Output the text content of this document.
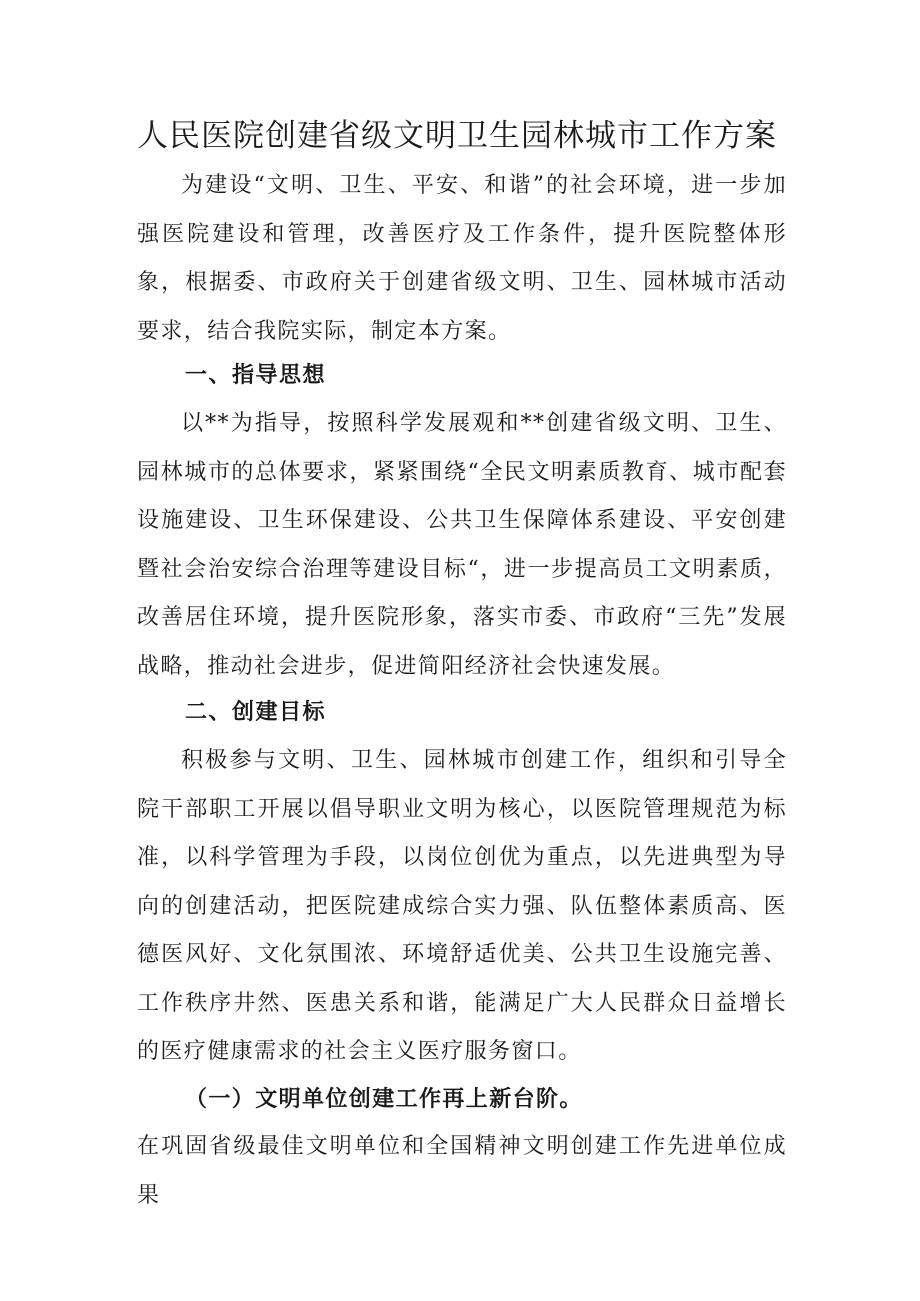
人民医院创建省级文明卫生园林城市工作方案

为建设“文明、卫生、平安、和谐”的社会环境，进一步加强医院建设和管理，改善医疗及工作条件，提升医院整体形象，根据委、市政府关于创建省级文明、卫生、园林城市活动要求，结合我院实际，制定本方案。

一、指导思想

以**为指导，按照科学发展观和**创建省级文明、卫生、园林城市的总体要求，紧紧围绕“全民文明素质教育、城市配套设施建设、卫生环保建设、公共卫生保障体系建设、平安创建暨社会治安综合治理等建设目标“，进一步提高员工文明素质，改善居住环境，提升医院形象，落实市委、市政府“三先”发展战略，推动社会进步，促进简阳经济社会快速发展。

二、创建目标

积极参与文明、卫生、园林城市创建工作，组织和引导全院干部职工开展以倡导职业文明为核心，以医院管理规范为标准，以科学管理为手段，以岗位创优为重点，以先进典型为导向的创建活动，把医院建成综合实力强、队伍整体素质高、医德医风好、文化氛围浓、环境舒适优美、公共卫生设施完善、工作秩序井然、医患关系和谐，能满足广大人民群众日益增长的医疗健康需求的社会主义医疗服务窗口。

（一）文明单位创建工作再上新台阶。

在巩固省级最佳文明单位和全国精神文明创建工作先进单位成果
